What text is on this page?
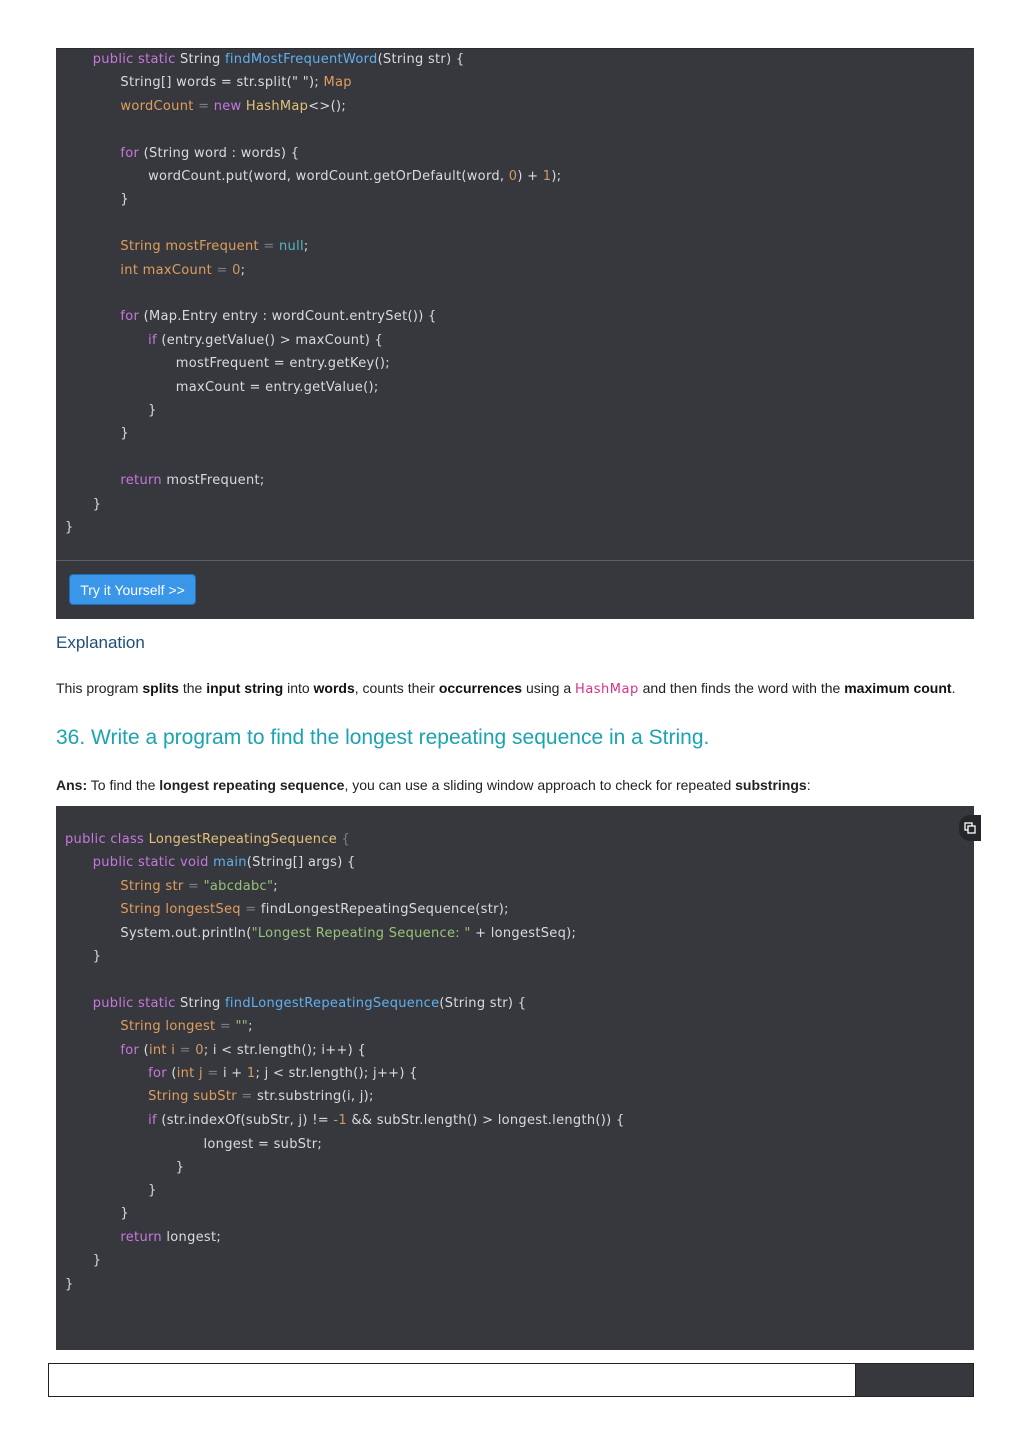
public static String findMostFrequentWord(String str) {
String[] words = str.split(" "); Map
wordCount = new HashMap<>();
for (String word : words) {
wordCount.put(word, wordCount.getOrDefault(word, 0) + 1);
}
String mostFrequent = null;
int maxCount = 0;
for (Map.Entry entry : wordCount.entrySet()) {
if (entry.getValue() > maxCount) {
mostFrequent = entry.getKey();
maxCount = entry.getValue();
}
}
return mostFrequent;
}
}
Try it Yourself >>
Explanation

This program splits the input string into words, counts their occurrences using a HashMap and then finds the word with the maximum count.

36. Write a program to find the longest repeating sequence in a String.

Ans: To find the longest repeating sequence, you can use a sliding window approach to check for repeated substrings:

public class LongestRepeatingSequence {
public static void main(String[] args) {
String str = "abcdabc";
String longestSeq = findLongestRepeatingSequence(str);
System.out.println("Longest Repeating Sequence: " + longestSeq);
}
public static String findLongestRepeatingSequence(String str) {
String longest = "";
for (int i = 0; i < str.length(); i++) {
for (int j = i + 1; j < str.length(); j++) {
String subStr = str.substring(i, j);
if (str.indexOf(subStr, j) != -1 && subStr.length() > longest.length()) {
longest = subStr;
}
}
}
return longest;
}
}
